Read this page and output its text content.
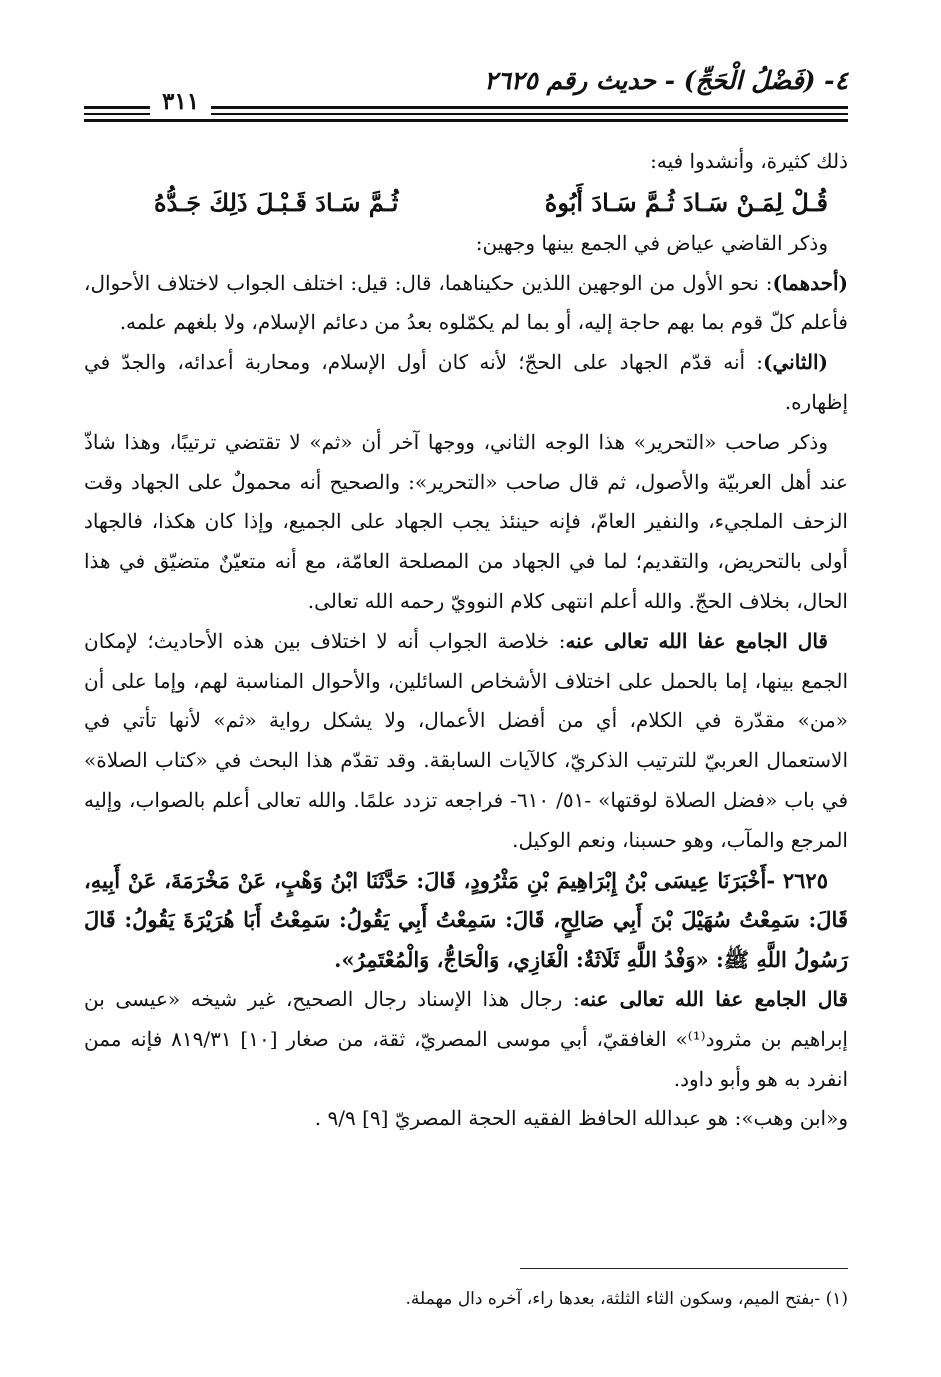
٤- (فَضْلُ الْحَجِّ) - حديث رقم ٢٦٢٥
٣١١

ذلك كثيرة، وأنشدوا فيه:

قُـلْ لِمَـنْ سَـادَ ثُـمَّ سَـادَ أَبُوهُ
ثُـمَّ سَـادَ قَـبْـلَ ذَلِكَ جَـدُّهُ

وذكر القاضي عياض في الجمع بينها وجهين:

(أحدهما): نحو الأول من الوجهين اللذين حكيناهما، قال: قيل: اختلف الجواب لاختلاف الأحوال، فأعلم كلّ قوم بما بهم حاجة إليه، أو بما لم يكمّلوه بعدُ من دعائم الإسلام، ولا بلغهم علمه.

(الثاني): أنه قدّم الجهاد على الحجّ؛ لأنه كان أول الإسلام، ومحاربة أعدائه، والجدّ في إظهاره.

وذكر صاحب «التحرير» هذا الوجه الثاني، ووجها آخر أن «ثم» لا تقتضي ترتيبًا، وهذا شاذّ عند أهل العربيّة والأصول، ثم قال صاحب «التحرير»: والصحيح أنه محمولٌ على الجهاد وقت الزحف الملجيء، والنفير العامّ، فإنه حينئذ يجب الجهاد على الجميع، وإذا كان هكذا، فالجهاد أولى بالتحريض، والتقديم؛ لما في الجهاد من المصلحة العامّة، مع أنه متعيّنٌ متضيّق في هذا الحال، بخلاف الحجّ. والله أعلم انتهى كلام النوويّ رحمه الله تعالى.

قال الجامع عفا الله تعالى عنه: خلاصة الجواب أنه لا اختلاف بين هذه الأحاديث؛ لإمكان الجمع بينها، إما بالحمل على اختلاف الأشخاص السائلين، والأحوال المناسبة لهم، وإما على أن «من» مقدّرة في الكلام، أي من أفضل الأعمال، ولا يشكل رواية «ثم» لأنها تأتي في الاستعمال العربيّ للترتيب الذكريّ، كالآيات السابقة. وقد تقدّم هذا البحث في «كتاب الصلاة» في باب «فضل الصلاة لوقتها» -٥١/ ٦١٠- فراجعه تزدد علمًا. والله تعالى أعلم بالصواب، وإليه المرجع والمآب، وهو حسبنا، ونعم الوكيل.

٢٦٢٥ -أَخْبَرَنَا عِيسَى بْنُ إِبْرَاهِيمَ بْنِ مَثْرُودٍ، قَالَ: حَدَّثَنَا ابْنُ وَهْبٍ، عَنْ مَخْرَمَةَ، عَنْ أَبِيهِ، قَالَ: سَمِعْتُ سُهَيْلَ بْنَ أَبِي صَالِحٍ، قَالَ: سَمِعْتُ أَبِي يَقُولُ: سَمِعْتُ أَبَا هُرَيْرَةَ يَقُولُ: قَالَ رَسُولُ اللَّهِ ﷺ: «وَفْدُ اللَّهِ ثَلَاثَةٌ: الْغَازِي، وَالْحَاجُّ، وَالْمُعْتَمِرُ».

قال الجامع عفا الله تعالى عنه: رجال هذا الإسناد رجال الصحيح، غير شيخه «عيسى بن إبراهيم بن مثرود⁽¹⁾» الغافقيّ، أبي موسى المصريّ، ثقة، من صغار [١٠] ٨١٩/٣١ فإنه ممن انفرد به هو وأبو داود.

و«ابن وهب»: هو عبدالله الحافظ الفقيه الحجة المصريّ [٩] ٩/٩ .

(١) -بفتح الميم، وسكون الثاء الثلثة، بعدها راء، آخره دال مهملة.
